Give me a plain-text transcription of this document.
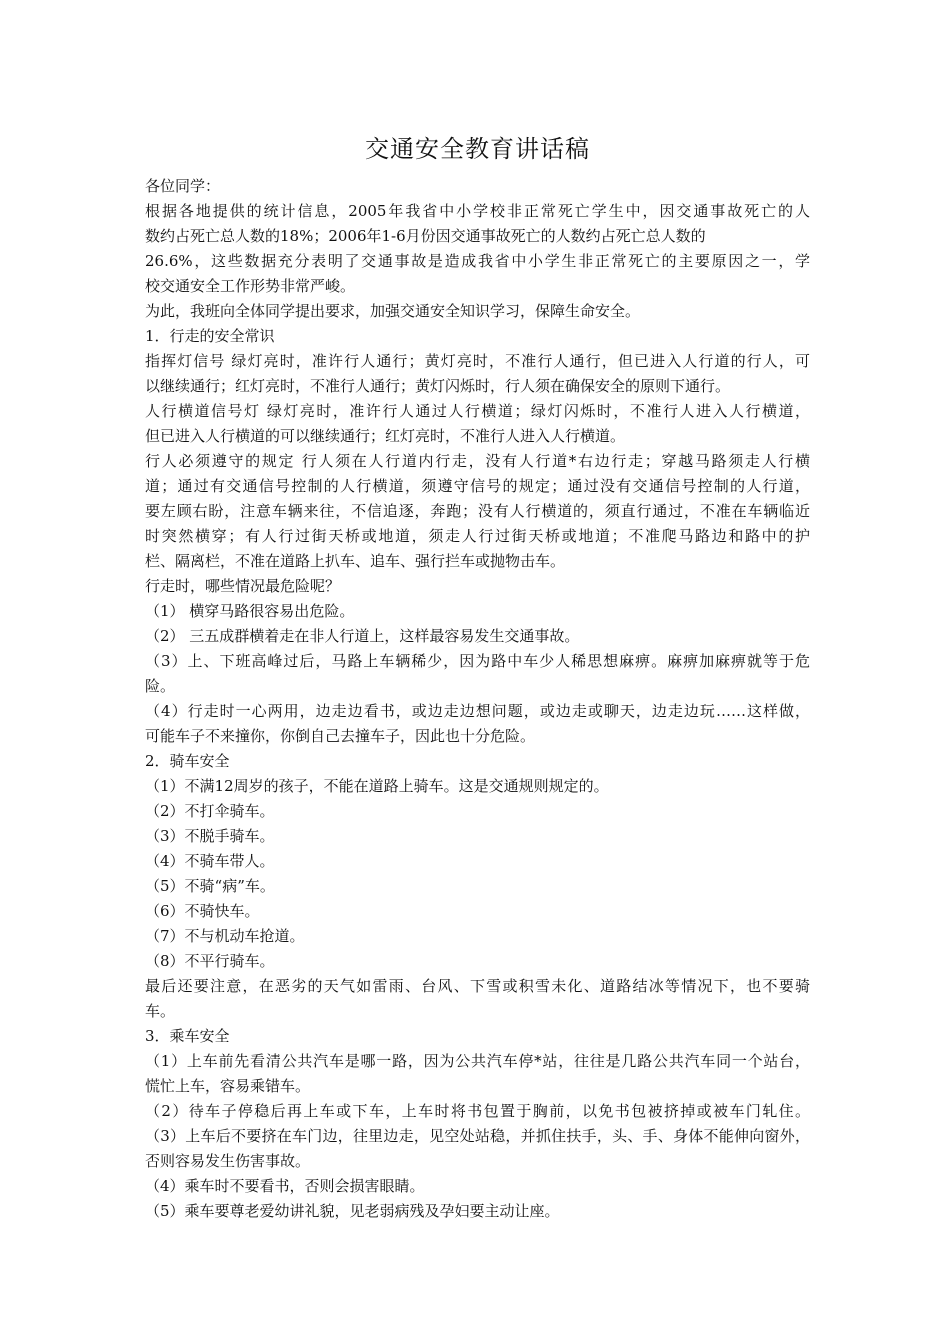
交通安全教育讲话稿
各位同学：
根据各地提供的统计信息，2005年我省中小学校非正常死亡学生中，因交通事故死亡的人
数约占死亡总人数的18%；2006年1-6月份因交通事故死亡的人数约占死亡总人数的
26.6%，这些数据充分表明了交通事故是造成我省中小学生非正常死亡的主要原因之一，学
校交通安全工作形势非常严峻。
为此，我班向全体同学提出要求，加强交通安全知识学习，保障生命安全。
1．行走的安全常识
指挥灯信号 绿灯亮时，准许行人通行；黄灯亮时，不准行人通行，但已进入人行道的行人，可
以继续通行；红灯亮时，不准行人通行；黄灯闪烁时，行人须在确保安全的原则下通行。
人行横道信号灯 绿灯亮时，准许行人通过人行横道；绿灯闪烁时，不准行人进入人行横道，
但已进入人行横道的可以继续通行；红灯亮时，不准行人进入人行横道。
行人必须遵守的规定 行人须在人行道内行走，没有人行道*右边行走；穿越马路须走人行横
道；通过有交通信号控制的人行横道，须遵守信号的规定；通过没有交通信号控制的人行道，
要左顾右盼，注意车辆来往，不信追逐，奔跑；没有人行横道的，须直行通过，不准在车辆临近
时突然横穿；有人行过街天桥或地道，须走人行过街天桥或地道；不准爬马路边和路中的护
栏、隔离栏，不准在道路上扒车、追车、强行拦车或抛物击车。
行走时，哪些情况最危险呢？
（1） 横穿马路很容易出危险。
（2） 三五成群横着走在非人行道上，这样最容易发生交通事故。
（3）上、下班高峰过后，马路上车辆稀少，因为路中车少人稀思想麻痹。麻痹加麻痹就等于危
险。
（4）行走时一心两用，边走边看书，或边走边想问题，或边走或聊天，边走边玩……这样做，
可能车子不来撞你，你倒自己去撞车子，因此也十分危险。
2．骑车安全
（1）不满12周岁的孩子，不能在道路上骑车。这是交通规则规定的。
（2）不打伞骑车。
（3）不脱手骑车。
（4）不骑车带人。
（5）不骑“病”车。
（6）不骑快车。
（7）不与机动车抢道。
（8）不平行骑车。
最后还要注意，在恶劣的天气如雷雨、台风、下雪或积雪未化、道路结冰等情况下，也不要骑
车。
3．乘车安全
（1）上车前先看清公共汽车是哪一路，因为公共汽车停*站，往往是几路公共汽车同一个站台，
慌忙上车，容易乘错车。
（2）待车子停稳后再上车或下车，上车时将书包置于胸前，以免书包被挤掉或被车门轧住。
（3）上车后不要挤在车门边，往里边走，见空处站稳，并抓住扶手，头、手、身体不能伸向窗外，
否则容易发生伤害事故。
（4）乘车时不要看书，否则会损害眼睛。
（5）乘车要尊老爱幼讲礼貌，见老弱病残及孕妇要主动让座。
